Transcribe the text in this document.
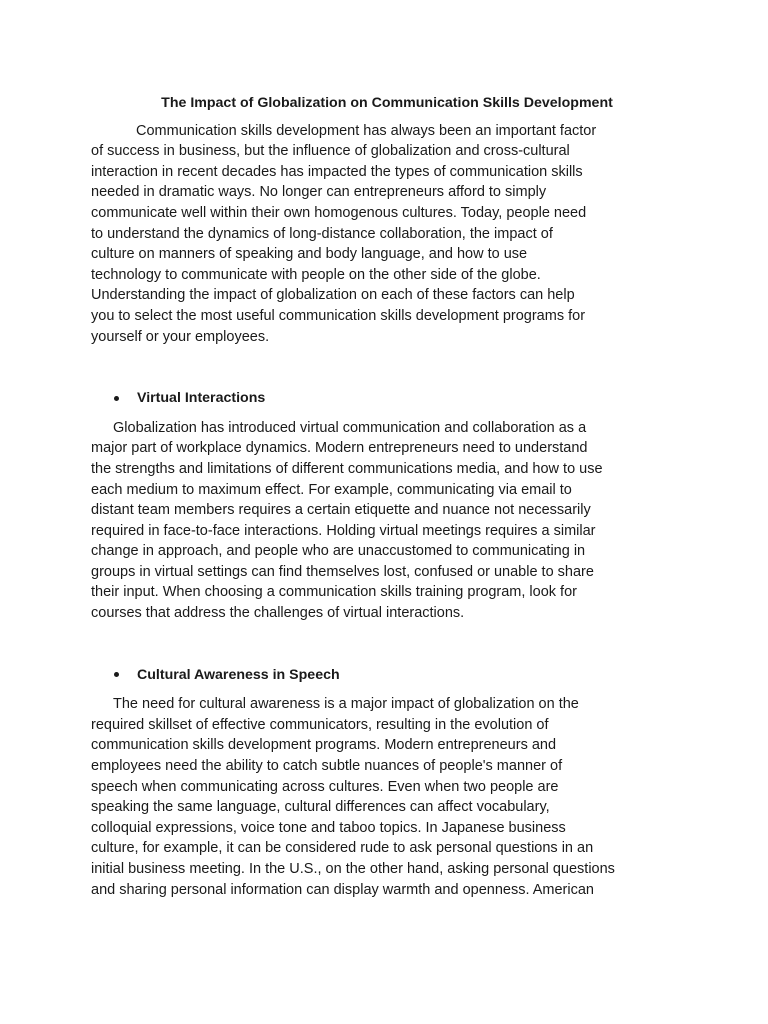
The Impact of Globalization on Communication Skills Development

Communication skills development has always been an important factor
of success in business, but the influence of globalization and cross-cultural
interaction in recent decades has impacted the types of communication skills
needed in dramatic ways. No longer can entrepreneurs afford to simply
communicate well within their own homogenous cultures. Today, people need
to understand the dynamics of long-distance collaboration, the impact of
culture on manners of speaking and body language, and how to use
technology to communicate with people on the other side of the globe.
Understanding the impact of globalization on each of these factors can help
you to select the most useful communication skills development programs for
yourself or your employees.

Virtual Interactions

Globalization has introduced virtual communication and collaboration as a
major part of workplace dynamics. Modern entrepreneurs need to understand
the strengths and limitations of different communications media, and how to use
each medium to maximum effect. For example, communicating via email to
distant team members requires a certain etiquette and nuance not necessarily
required in face-to-face interactions. Holding virtual meetings requires a similar
change in approach, and people who are unaccustomed to communicating in
groups in virtual settings can find themselves lost, confused or unable to share
their input. When choosing a communication skills training program, look for
courses that address the challenges of virtual interactions.

Cultural Awareness in Speech

The need for cultural awareness is a major impact of globalization on the
required skillset of effective communicators, resulting in the evolution of
communication skills development programs. Modern entrepreneurs and
employees need the ability to catch subtle nuances of people's manner of
speech when communicating across cultures. Even when two people are
speaking the same language, cultural differences can affect vocabulary,
colloquial expressions, voice tone and taboo topics. In Japanese business
culture, for example, it can be considered rude to ask personal questions in an
initial business meeting. In the U.S., on the other hand, asking personal questions
and sharing personal information can display warmth and openness. American
